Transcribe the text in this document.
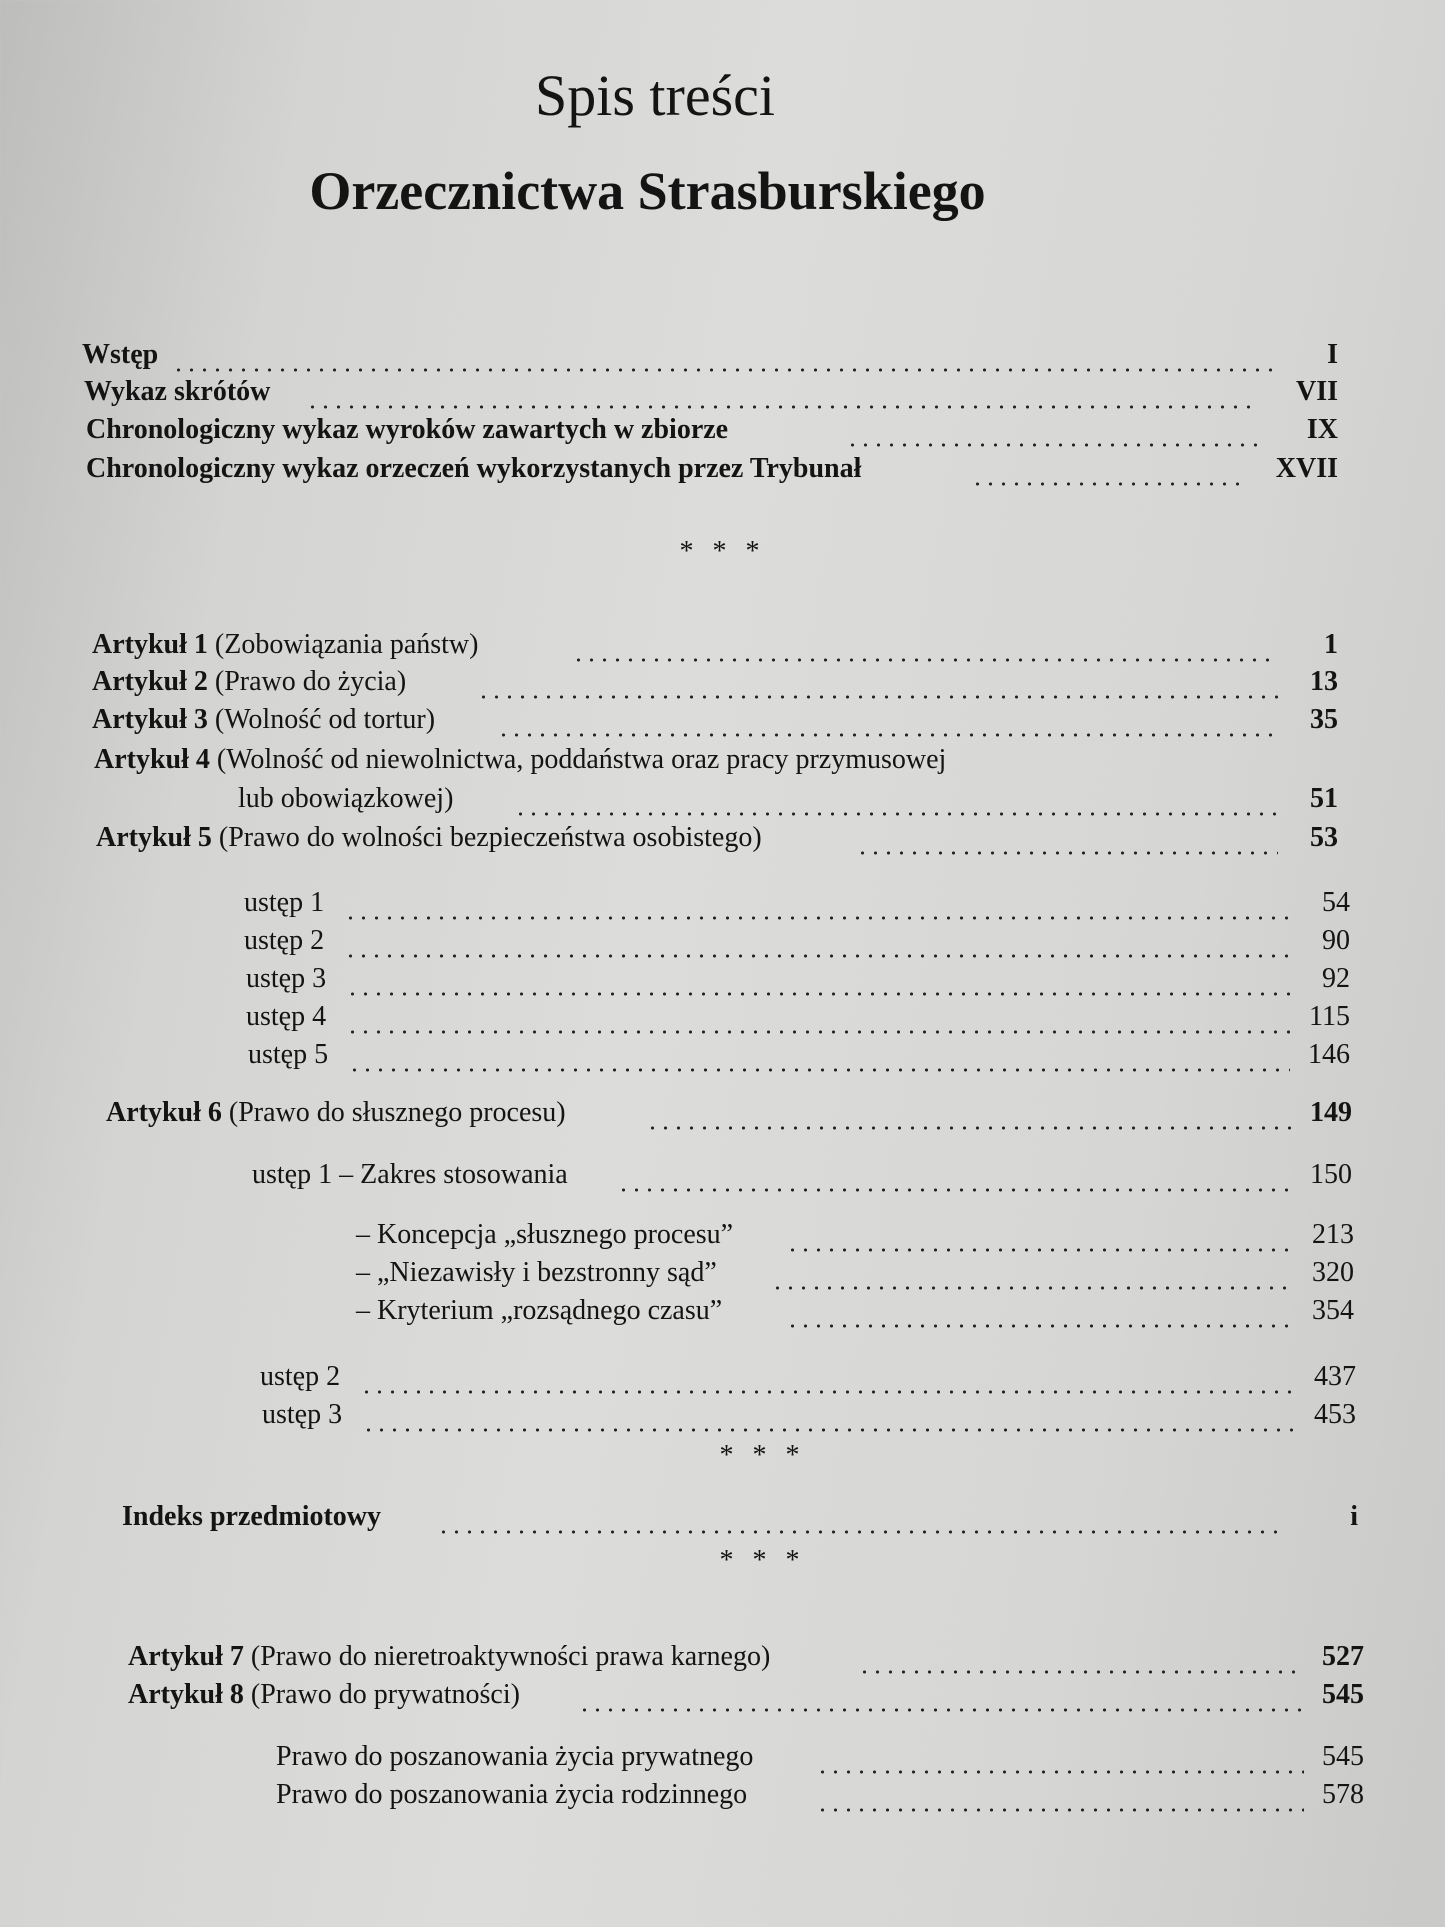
Spis treści
Orzecznictwa Strasburskiego
Wstęp	I
Wykaz skrótów	VII
Chronologiczny wykaz wyroków zawartych w zbiorze	IX
Chronologiczny wykaz orzeczeń wykorzystanych przez Trybunał	XVII
* * *
Artykuł 1 (Zobowiązania państw)	1
Artykuł 2 (Prawo do życia)	13
Artykuł 3 (Wolność od tortur)	35
Artykuł 4 (Wolność od niewolnictwa, poddaństwa oraz pracy przymusowej
lub obowiązkowej)	51
Artykuł 5 (Prawo do wolności bezpieczeństwa osobistego)	53
ustęp 1	54
ustęp 2	90
ustęp 3	92
ustęp 4	115
ustęp 5	146
Artykuł 6 (Prawo do słusznego procesu)	149
ustęp 1 – Zakres stosowania	150
– Koncepcja „słusznego procesu”	213
– „Niezawisły i bezstronny sąd”	320
– Kryterium „rozsądnego czasu”	354
ustęp 2	437
ustęp 3	453
* * *
Indeks przedmiotowy	i
* * *
Artykuł 7 (Prawo do nieretroaktywności prawa karnego)	527
Artykuł 8 (Prawo do prywatności)	545
Prawo do poszanowania życia prywatnego	545
Prawo do poszanowania życia rodzinnego	578
